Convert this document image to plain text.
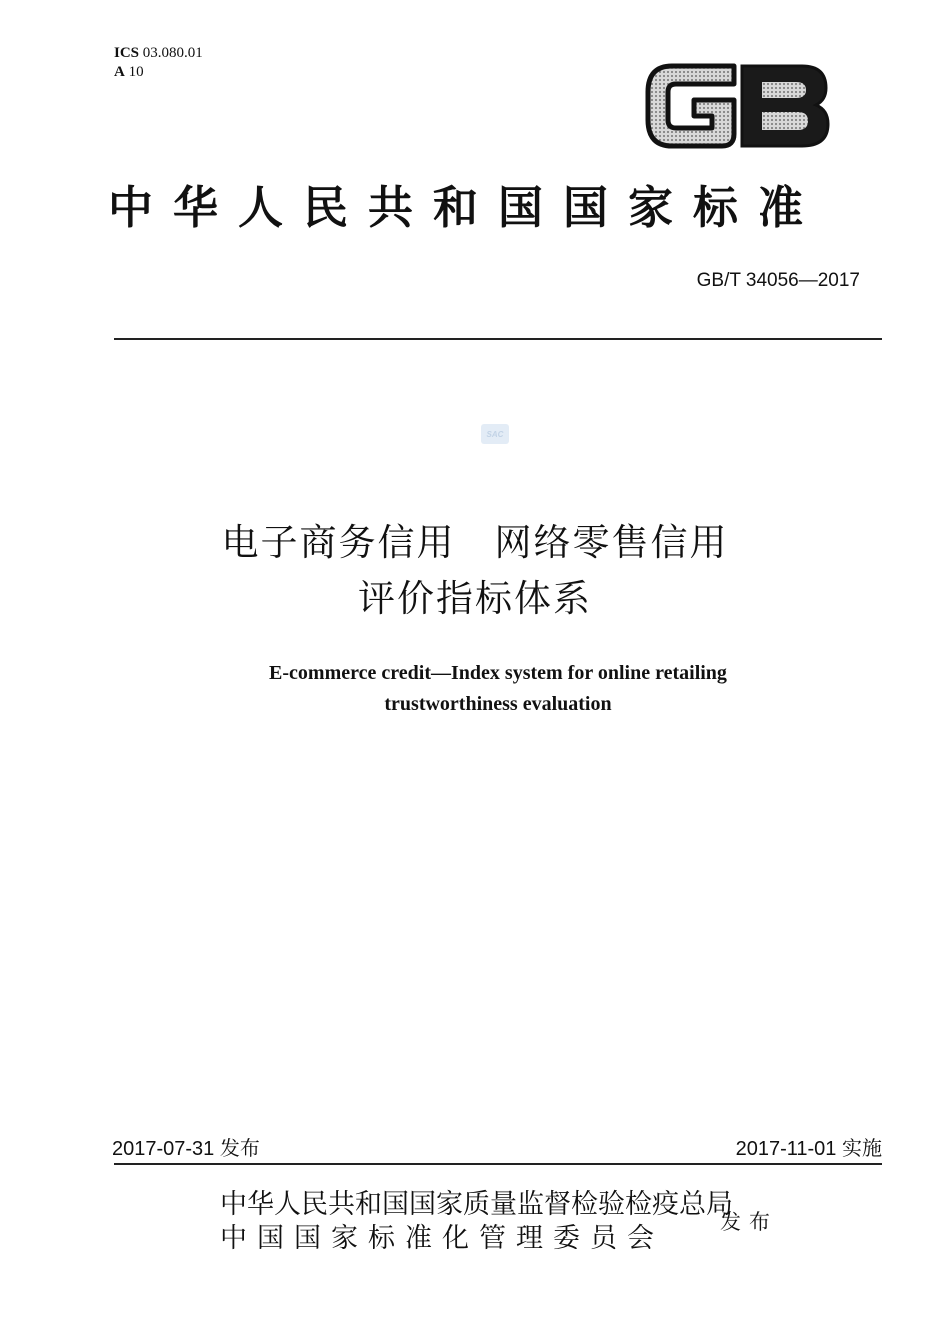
ICS 03.080.01
A 10
GB
中华人民共和国国家标准
GB/T 34056—2017
SAC
电子商务信用　网络零售信用
评价指标体系
E-commerce credit—Index system for online retailing
trustworthiness evaluation
2017-07-31 发布	2017-11-01 实施
中华人民共和国国家质量监督检验检疫总局
中国国家标准化管理委员会
发布
